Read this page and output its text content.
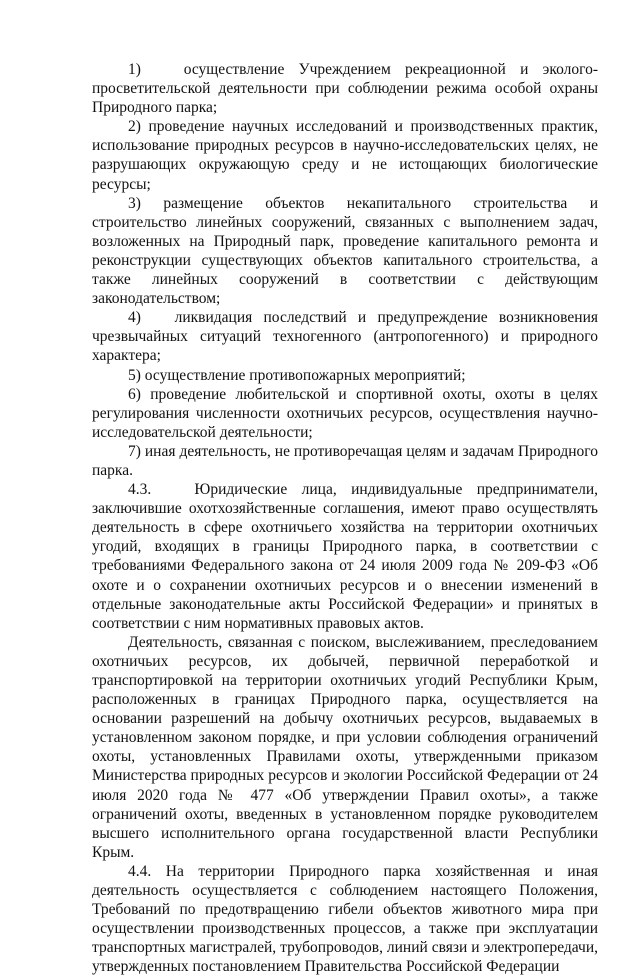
1)   осуществление Учреждением рекреационной и эколого-просветительской деятельности при соблюдении режима особой охраны Природного парка;

2) проведение научных исследований и производственных практик, использование природных ресурсов в научно-исследовательских целях, не разрушающих окружающую среду и не истощающих биологические ресурсы;

3) размещение объектов некапитального строительства и строительство линейных сооружений, связанных с выполнением задач, возложенных на Природный парк, проведение капитального ремонта и реконструкции существующих объектов капитального строительства, а также линейных сооружений в соответствии с действующим законодательством;

4)   ликвидация последствий и предупреждение возникновения чрезвычайных ситуаций техногенного (антропогенного) и природного характера;

5) осуществление противопожарных мероприятий;

6) проведение любительской и спортивной охоты, охоты в целях регулирования численности охотничьих ресурсов, осуществления научно-исследовательской деятельности;

7) иная деятельность, не противоречащая целям и задачам Природного парка.

4.3.   Юридические лица, индивидуальные предприниматели, заключившие охотхозяйственные соглашения, имеют право осуществлять деятельность в сфере охотничьего хозяйства на территории охотничьих угодий, входящих в границы Природного парка, в соответствии с требованиями Федерального закона от 24 июля 2009 года № 209-ФЗ «Об охоте и о сохранении охотничьих ресурсов и о внесении изменений в отдельные законодательные акты Российской Федерации» и принятых в соответствии с ним нормативных правовых актов.

Деятельность, связанная с поиском, выслеживанием, преследованием охотничьих ресурсов, их добычей, первичной переработкой и транспортировкой на территории охотничьих угодий Республики Крым, расположенных в границах Природного парка, осуществляется на основании разрешений на добычу охотничьих ресурсов, выдаваемых в установленном законом порядке, и при условии соблюдения ограничений охоты, установленных Правилами охоты, утвержденными приказом Министерства природных ресурсов и экологии Российской Федерации от 24 июля 2020 года № 477 «Об утверждении Правил охоты», а также ограничений охоты, введенных в установленном порядке руководителем высшего исполнительного органа государственной власти Республики Крым.

4.4. На территории Природного парка хозяйственная и иная деятельность осуществляется с соблюдением настоящего Положения, Требований по предотвращению гибели объектов животного мира при осуществлении производственных процессов, а также при эксплуатации транспортных магистралей, трубопроводов, линий связи и электропередачи, утвержденных постановлением Правительства Российской Федерации
